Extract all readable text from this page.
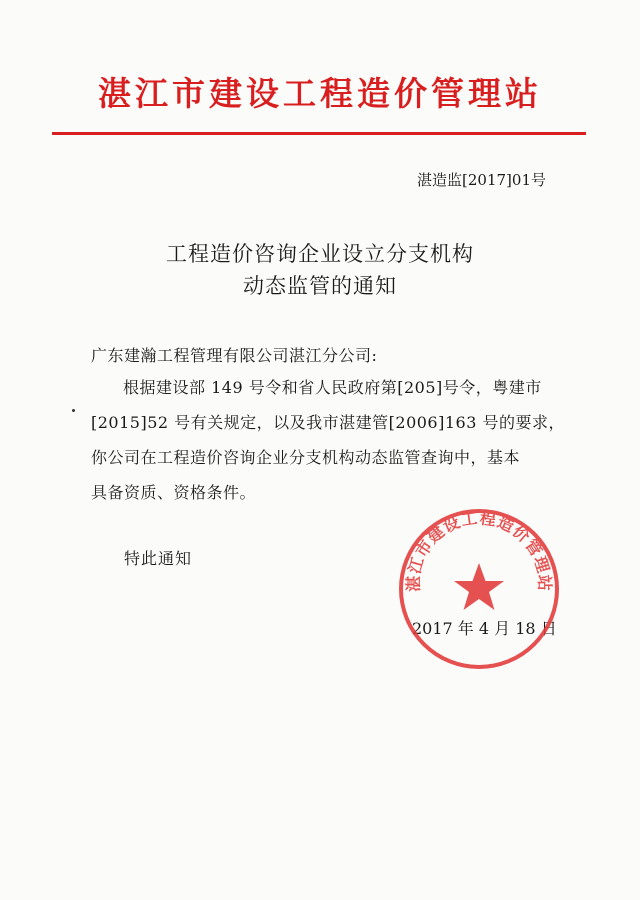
湛江市建设工程造价管理站
湛造监[2017]01号
工程造价咨询企业设立分支机构
动态监管的通知
广东建瀚工程管理有限公司湛江分公司:
根据建设部 149 号令和省人民政府第[205]号令，粤建市
[2015]52 号有关规定，以及我市湛建管[2006]163 号的要求，
你公司在工程造价咨询企业分支机构动态监管查询中，基本
具备资质、资格条件。
特此通知
2017 年 4 月 18 日
湛江市建设工程造价管理站
